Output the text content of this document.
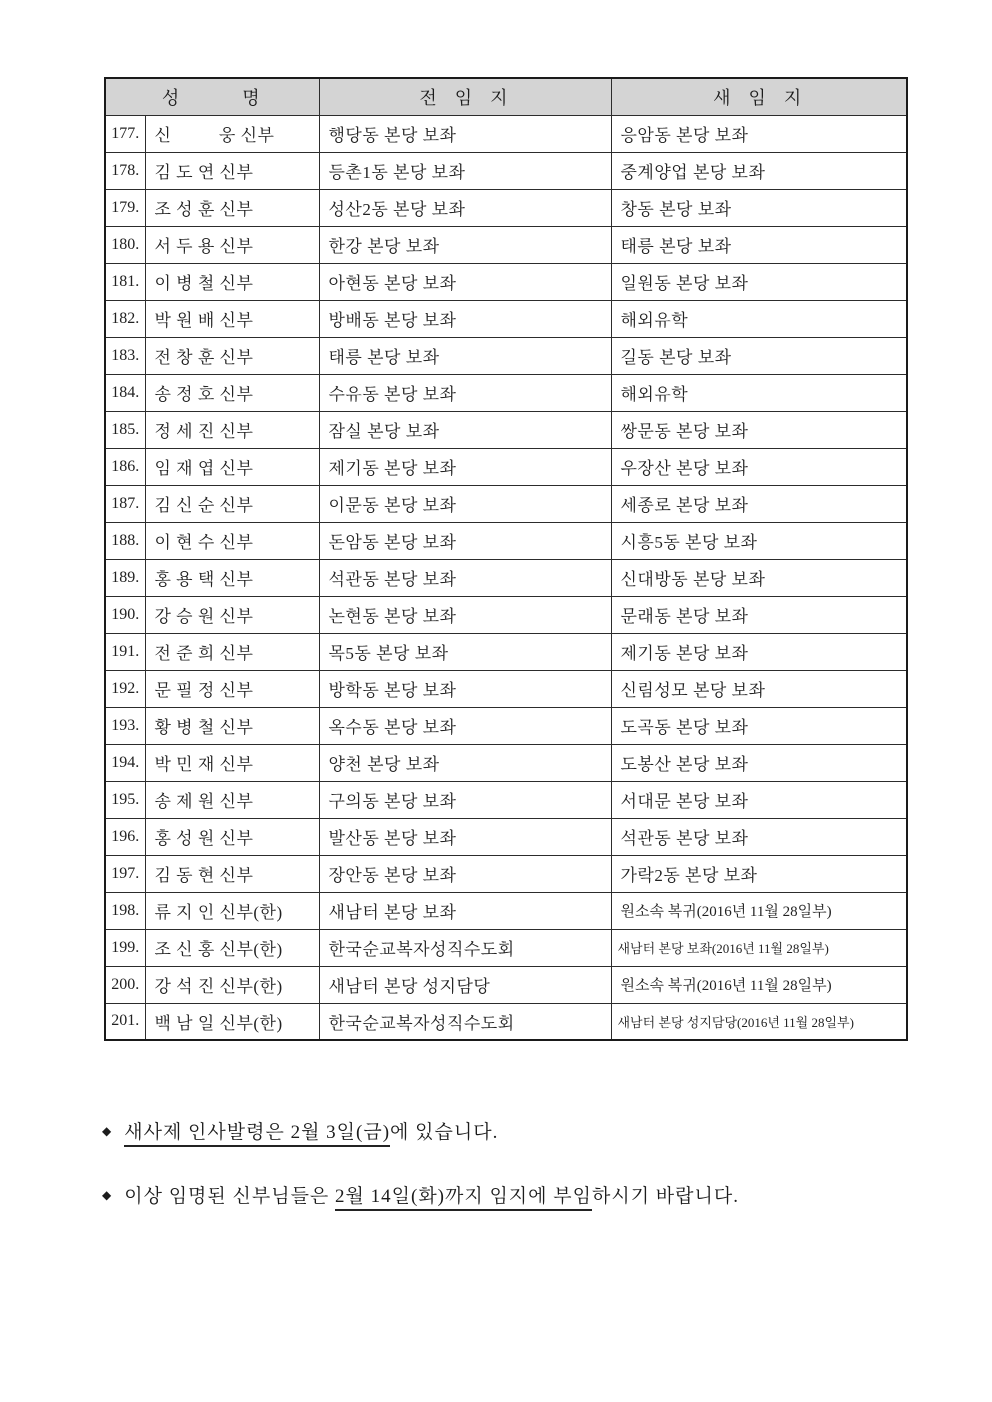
성        명		전  임  지	새  임  지
177.	신          웅 신부	행당동 본당 보좌	응암동 본당 보좌
178.	김 도 연 신부	등촌1동 본당 보좌	중계양업 본당 보좌
179.	조 성 훈 신부	성산2동 본당 보좌	창동 본당 보좌
180.	서 두 용 신부	한강 본당 보좌	태릉 본당 보좌
181.	이 병 철 신부	아현동 본당 보좌	일원동 본당 보좌
182.	박 원 배 신부	방배동 본당 보좌	해외유학
183.	전 창 훈 신부	태릉 본당 보좌	길동 본당 보좌
184.	송 정 호 신부	수유동 본당 보좌	해외유학
185.	정 세 진 신부	잠실 본당 보좌	쌍문동 본당 보좌
186.	임 재 엽 신부	제기동 본당 보좌	우장산 본당 보좌
187.	김 신 순 신부	이문동 본당 보좌	세종로 본당 보좌
188.	이 현 수 신부	돈암동 본당 보좌	시흥5동 본당 보좌
189.	홍 용 택 신부	석관동 본당 보좌	신대방동 본당 보좌
190.	강 승 원 신부	논현동 본당 보좌	문래동 본당 보좌
191.	전 준 희 신부	목5동 본당 보좌	제기동 본당 보좌
192.	문 필 정 신부	방학동 본당 보좌	신림성모 본당 보좌
193.	황 병 철 신부	옥수동 본당 보좌	도곡동 본당 보좌
194.	박 민 재 신부	양천 본당 보좌	도봉산 본당 보좌
195.	송 제 원 신부	구의동 본당 보좌	서대문 본당 보좌
196.	홍 성 원 신부	발산동 본당 보좌	석관동 본당 보좌
197.	김 동 현 신부	장안동 본당 보좌	가락2동 본당 보좌
198.	류 지 인 신부(한)	새남터 본당 보좌	원소속 복귀(2016년 11월 28일부)
199.	조 신 홍 신부(한)	한국순교복자성직수도회	새남터 본당 보좌(2016년 11월 28일부)
200.	강 석 진 신부(한)	새남터 본당 성지담당	원소속 복귀(2016년 11월 28일부)
201.	백 남 일 신부(한)	한국순교복자성직수도회	새남터 본당 성지담당(2016년 11월 28일부)

◆ 새사제 인사발령은 2월 3일(금)에 있습니다.

◆ 이상 임명된 신부님들은 2월 14일(화)까지 임지에 부임하시기 바랍니다.
